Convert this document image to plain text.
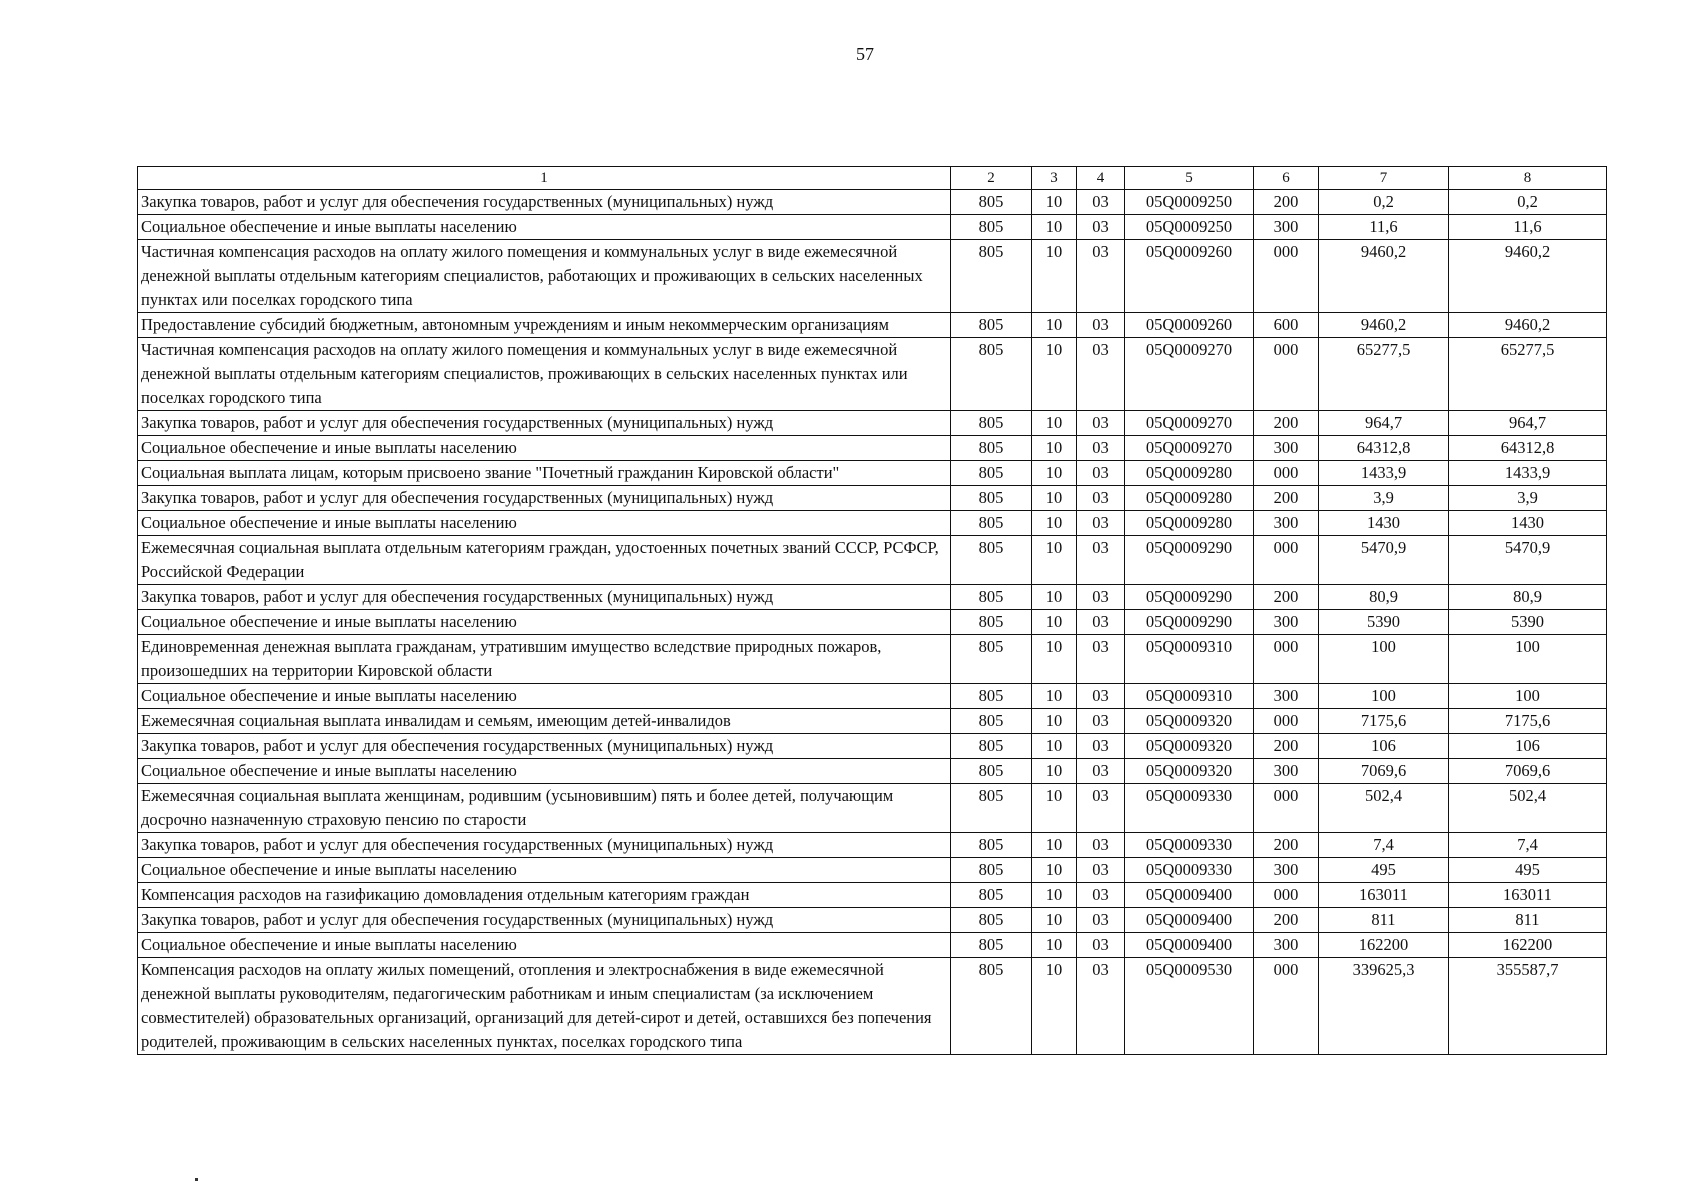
57
1	2	3	4	5	6	7	8
Закупка товаров, работ и услуг для обеспечения государственных (муниципальных) нужд	805	10	03	05Q0009250	200	0,2	0,2
Социальное обеспечение и иные выплаты населению	805	10	03	05Q0009250	300	11,6	11,6
Частичная компенсация расходов на оплату жилого помещения и коммунальных услуг в виде ежемесячной денежной выплаты отдельным категориям специалистов, работающих и проживающих в сельских населенных пунктах или поселках городского типа	805	10	03	05Q0009260	000	9460,2	9460,2
Предоставление субсидий бюджетным, автономным учреждениям и иным некоммерческим организациям	805	10	03	05Q0009260	600	9460,2	9460,2
Частичная компенсация расходов на оплату жилого помещения и коммунальных услуг в виде ежемесячной денежной выплаты отдельным категориям специалистов, проживающих в сельских населенных пунктах или поселках городского типа	805	10	03	05Q0009270	000	65277,5	65277,5
Закупка товаров, работ и услуг для обеспечения государственных (муниципальных) нужд	805	10	03	05Q0009270	200	964,7	964,7
Социальное обеспечение и иные выплаты населению	805	10	03	05Q0009270	300	64312,8	64312,8
Социальная выплата лицам, которым присвоено звание "Почетный гражданин Кировской области"	805	10	03	05Q0009280	000	1433,9	1433,9
Закупка товаров, работ и услуг для обеспечения государственных (муниципальных) нужд	805	10	03	05Q0009280	200	3,9	3,9
Социальное обеспечение и иные выплаты населению	805	10	03	05Q0009280	300	1430	1430
Ежемесячная социальная выплата отдельным категориям граждан, удостоенных почетных званий СССР, РСФСР, Российской Федерации	805	10	03	05Q0009290	000	5470,9	5470,9
Закупка товаров, работ и услуг для обеспечения государственных (муниципальных) нужд	805	10	03	05Q0009290	200	80,9	80,9
Социальное обеспечение и иные выплаты населению	805	10	03	05Q0009290	300	5390	5390
Единовременная денежная выплата гражданам, утратившим имущество вследствие природных пожаров, произошедших на территории Кировской области	805	10	03	05Q0009310	000	100	100
Социальное обеспечение и иные выплаты населению	805	10	03	05Q0009310	300	100	100
Ежемесячная социальная выплата инвалидам и семьям, имеющим детей-инвалидов	805	10	03	05Q0009320	000	7175,6	7175,6
Закупка товаров, работ и услуг для обеспечения государственных (муниципальных) нужд	805	10	03	05Q0009320	200	106	106
Социальное обеспечение и иные выплаты населению	805	10	03	05Q0009320	300	7069,6	7069,6
Ежемесячная социальная выплата женщинам, родившим (усыновившим) пять и более детей, получающим досрочно назначенную страховую пенсию по старости	805	10	03	05Q0009330	000	502,4	502,4
Закупка товаров, работ и услуг для обеспечения государственных (муниципальных) нужд	805	10	03	05Q0009330	200	7,4	7,4
Социальное обеспечение и иные выплаты населению	805	10	03	05Q0009330	300	495	495
Компенсация расходов на газификацию домовладения отдельным категориям граждан	805	10	03	05Q0009400	000	163011	163011
Закупка товаров, работ и услуг для обеспечения государственных (муниципальных) нужд	805	10	03	05Q0009400	200	811	811
Социальное обеспечение и иные выплаты населению	805	10	03	05Q0009400	300	162200	162200
Компенсация расходов на оплату жилых помещений, отопления и электроснабжения в виде ежемесячной денежной выплаты руководителям, педагогическим работникам и иным специалистам (за исключением совместителей) образовательных организаций, организаций для детей-сирот и детей, оставшихся без попечения родителей, проживающим в сельских населенных пунктах, поселках городского типа	805	10	03	05Q0009530	000	339625,3	355587,7
